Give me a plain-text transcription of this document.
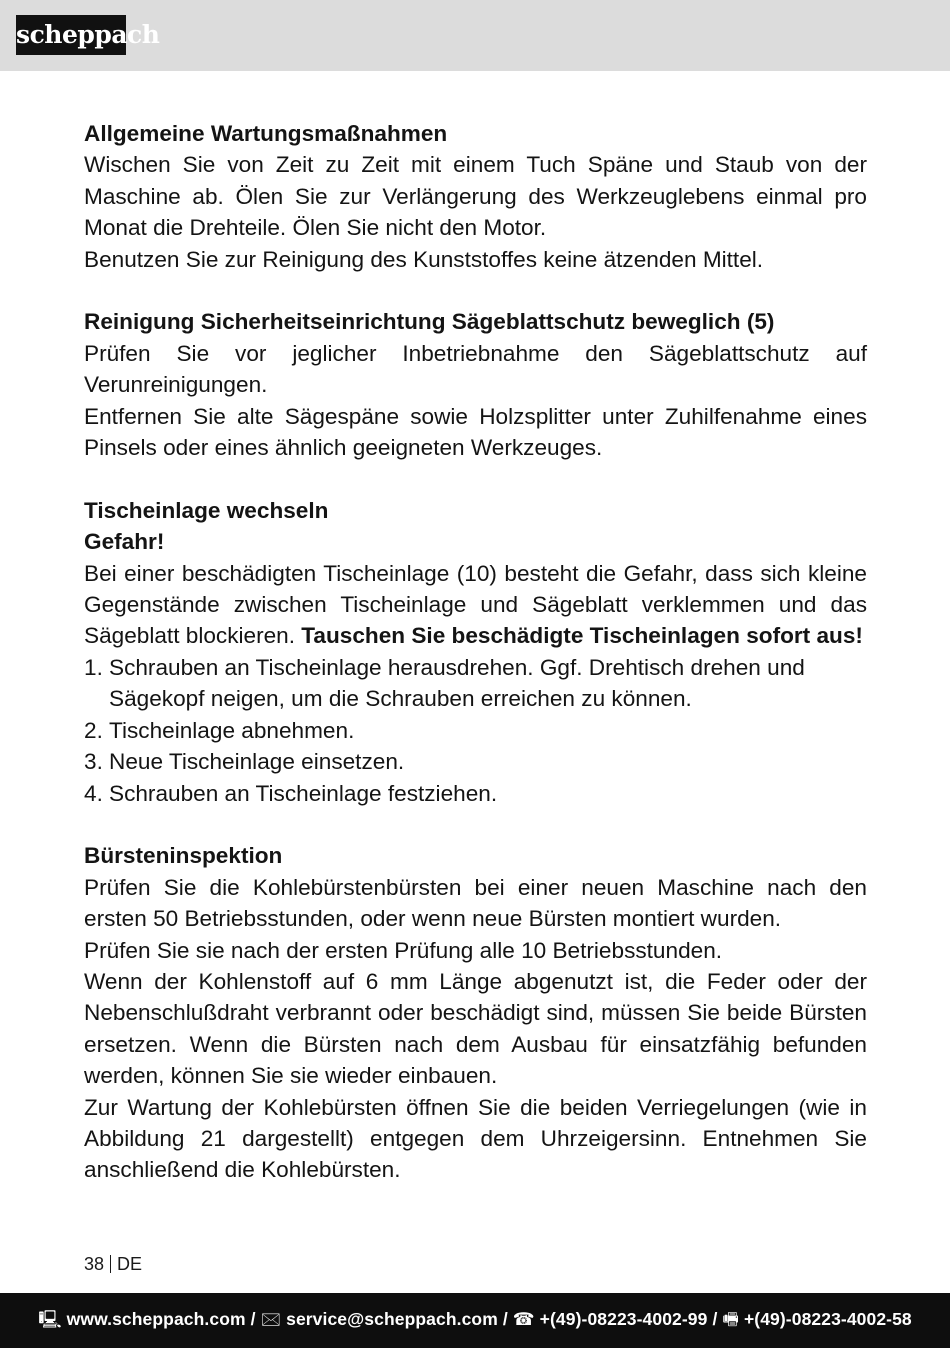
scheppach

Allgemeine Wartungsmaßnahmen

Wischen Sie von Zeit zu Zeit mit einem Tuch Späne und Staub von der Maschine ab. Ölen Sie zur Verlängerung des Werkzeuglebens einmal pro Monat die Drehteile. Ölen Sie nicht den Motor.

Benutzen Sie zur Reinigung des Kunststoffes keine ätzenden Mittel.

Reinigung Sicherheitseinrichtung Sägeblattschutz beweglich (5)

Prüfen Sie vor jeglicher Inbetriebnahme den Sägeblattschutz auf Verunreinigungen.

Entfernen Sie alte Sägespäne sowie Holzsplitter unter Zuhilfenahme eines Pinsels oder eines ähnlich geeigneten Werkzeuges.

Tischeinlage wechseln

Gefahr!

Bei einer beschädigten Tischeinlage (10) besteht die Gefahr, dass sich kleine Gegenstände zwischen Tischeinlage und Sägeblatt verklemmen und das Sägeblatt blockieren. Tauschen Sie beschädigte Tischeinlagen sofort aus!

1. Schrauben an Tischeinlage herausdrehen. Ggf. Drehtisch drehen und Sägekopf neigen, um die Schrauben erreichen zu können.
2. Tischeinlage abnehmen.
3. Neue Tischeinlage einsetzen.
4. Schrauben an Tischeinlage festziehen.

Bürsteninspektion

Prüfen Sie die Kohlebürstenbürsten bei einer neuen Maschine nach den ersten 50 Betriebsstunden, oder wenn neue Bürsten montiert wurden.

Prüfen Sie sie nach der ersten Prüfung alle 10 Betriebsstunden.

Wenn der Kohlenstoff auf 6 mm Länge abgenutzt ist, die Feder oder der Nebenschlußdraht verbrannt oder beschädigt sind, müssen Sie beide Bürsten ersetzen. Wenn die Bürsten nach dem Ausbau für einsatzfähig befunden werden, können Sie sie wieder einbauen.

Zur Wartung der Kohlebürsten öffnen Sie die beiden Verriegelungen (wie in Abbildung 21 dargestellt) entgegen dem Uhrzeigersinn. Entnehmen Sie anschließend die Kohlebürsten.

38 DE
🖳 www.scheppach.com / 🖂 service@scheppach.com / ☎ +(49)-08223-4002-99 / 🖷 +(49)-08223-4002-58
